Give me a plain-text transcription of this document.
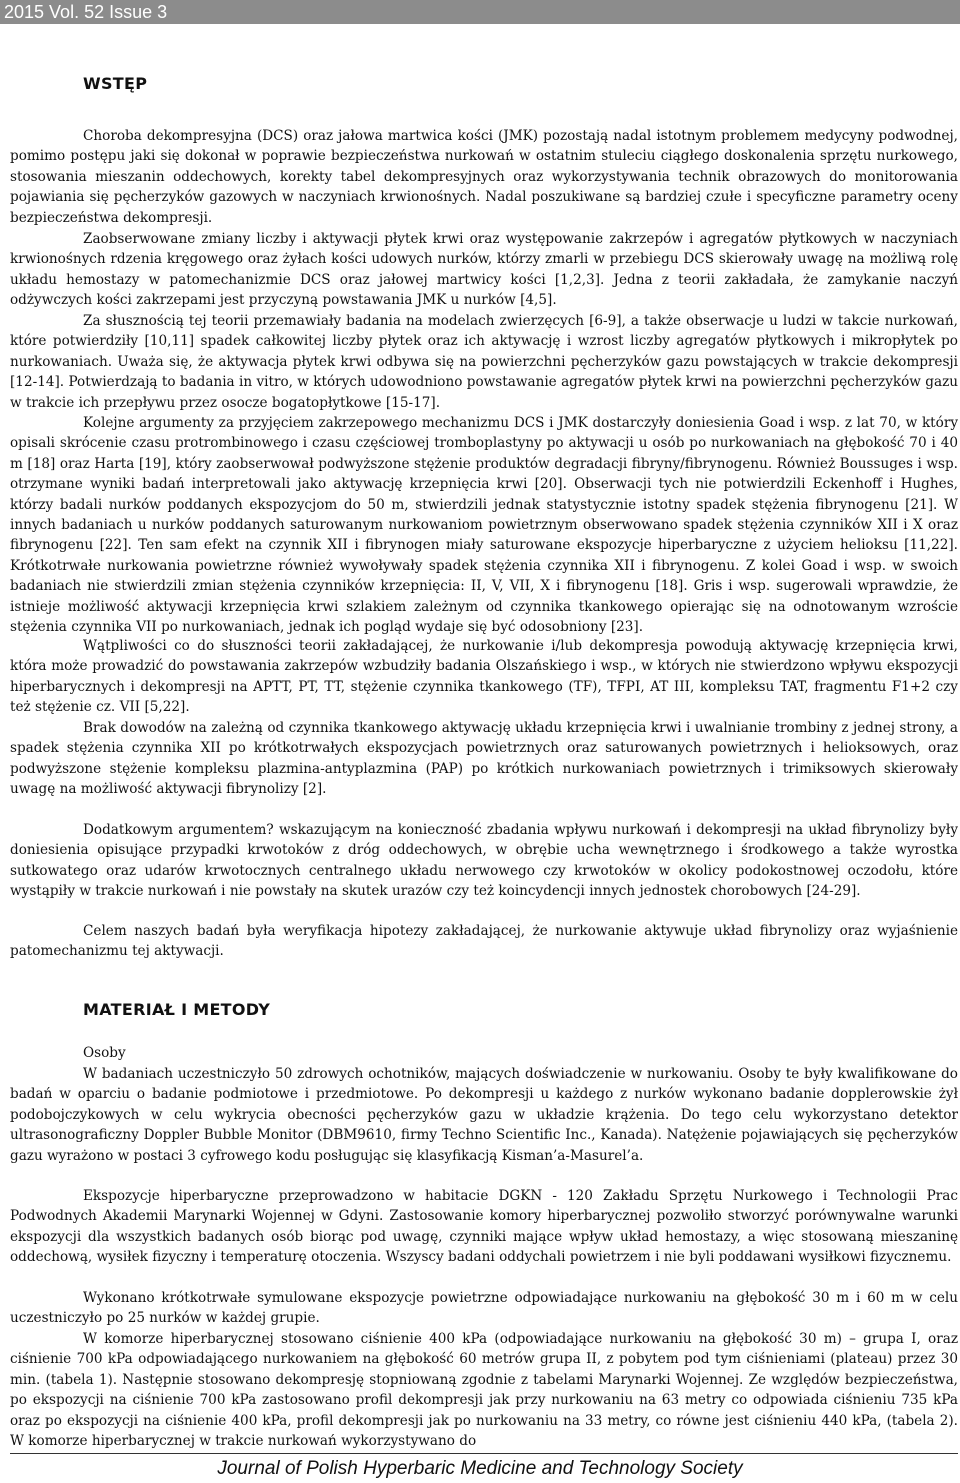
2015 Vol. 52 Issue 3
WSTĘP

Choroba dekompresyjna (DCS) oraz jałowa martwica kości (JMK) pozostają nadal istotnym problemem medycyny podwodnej, pomimo postępu jaki się dokonał w poprawie bezpieczeństwa nurkowań w ostatnim stuleciu ciągłego doskonalenia sprzętu nurkowego, stosowania mieszanin oddechowych, korekty tabel dekompresyjnych oraz wykorzystywania technik obrazowych do monitorowania pojawiania się pęcherzyków gazowych w naczyniach krwionośnych. Nadal poszukiwane są bardziej czułe i specyficzne parametry oceny bezpieczeństwa dekompresji.

Zaobserwowane zmiany liczby i aktywacji płytek krwi oraz występowanie zakrzepów i agregatów płytkowych w naczyniach krwionośnych rdzenia kręgowego oraz żyłach kości udowych nurków, którzy zmarli w przebiegu DCS skierowały uwagę na możliwą rolę układu hemostazy w patomechanizmie DCS oraz jałowej martwicy kości [1,2,3]. Jedna z teorii zakładała, że zamykanie naczyń odżywczych kości zakrzepami jest przyczyną powstawania JMK u nurków [4,5].

Za słusznością tej teorii przemawiały badania na modelach zwierzęcych [6-9], a także obserwacje u ludzi w takcie nurkowań, które potwierdziły [10,11] spadek całkowitej liczby płytek oraz ich aktywację i wzrost liczby agregatów płytkowych i mikropłytek po nurkowaniach. Uważa się, że aktywacja płytek krwi odbywa się na powierzchni pęcherzyków gazu powstających w trakcie dekompresji [12-14]. Potwierdzają to badania in vitro, w których udowodniono powstawanie agregatów płytek krwi na powierzchni pęcherzyków gazu w trakcie ich przepływu przez osocze bogatopłytkowe [15-17].

Kolejne argumenty za przyjęciem zakrzepowego mechanizmu DCS i JMK dostarczyły doniesienia Goad i wsp. z lat 70, w który opisali skrócenie czasu protrombinowego i czasu częściowej tromboplastyny po aktywacji u osób po nurkowaniach na głębokość 70 i 40 m [18] oraz Harta [19], który zaobserwował podwyższone stężenie produktów degradacji fibryny/fibrynogenu. Również Boussuges i wsp. otrzymane wyniki badań interpretowali jako aktywację krzepnięcia krwi [20]. Obserwacji tych nie potwierdzili Eckenhoff i Hughes, którzy badali nurków poddanych ekspozycjom do 50 m, stwierdzili jednak statystycznie istotny spadek stężenia fibrynogenu [21]. W innych badaniach u nurków poddanych saturowanym nurkowaniom powietrznym obserwowano spadek stężenia czynników XII i X oraz fibrynogenu [22]. Ten sam efekt na czynnik XII i fibrynogen miały saturowane ekspozycje hiperbaryczne z użyciem helioksu [11,22]. Krótkotrwałe nurkowania powietrzne również wywoływały spadek stężenia czynnika XII i fibrynogenu. Z kolei Goad i wsp. w swoich badaniach nie stwierdzili zmian stężenia czynników krzepnięcia: II, V, VII, X i fibrynogenu [18]. Gris i wsp. sugerowali wprawdzie, że istnieje możliwość aktywacji krzepnięcia krwi szlakiem zależnym od czynnika tkankowego opierając się na odnotowanym wzroście stężenia czynnika VII po nurkowaniach, jednak ich pogląd wydaje się być odosobniony [23].

Wątpliwości co do słuszności teorii zakładającej, że nurkowanie i/lub dekompresja powodują aktywację krzepnięcia krwi, która może prowadzić do powstawania zakrzepów wzbudziły badania Olszańskiego i wsp., w których nie stwierdzono wpływu ekspozycji hiperbarycznych i dekompresji na APTT, PT, TT, stężenie czynnika tkankowego (TF), TFPI, AT III, kompleksu TAT, fragmentu F1+2 czy też stężenie cz. VII [5,22].

Brak dowodów na zależną od czynnika tkankowego aktywację układu krzepnięcia krwi i uwalnianie trombiny z jednej strony, a spadek stężenia czynnika XII po krótkotrwałych ekspozycjach powietrznych oraz saturowanych powietrznych i helioksowych, oraz podwyższone stężenie kompleksu plazmina-antyplazmina (PAP) po krótkich nurkowaniach powietrznych i trimiksowych skierowały uwagę na możliwość aktywacji fibrynolizy [2].

Dodatkowym argumentem? wskazującym na konieczność zbadania wpływu nurkowań i dekompresji na układ fibrynolizy były doniesienia opisujące przypadki krwotoków z dróg oddechowych, w obrębie ucha wewnętrznego i środkowego a także wyrostka sutkowatego oraz udarów krwotocznych centralnego układu nerwowego czy krwotoków w okolicy podokostnowej oczodołu, które wystąpiły w trakcie nurkowań i nie powstały na skutek urazów czy też koincydencji innych jednostek chorobowych [24-29].

Celem naszych badań była weryfikacja hipotezy zakładającej, że nurkowanie aktywuje układ fibrynolizy oraz wyjaśnienie patomechanizmu tej aktywacji.

MATERIAŁ I METODY

Osoby

W badaniach uczestniczyło 50 zdrowych ochotników, mających doświadczenie w nurkowaniu. Osoby te były kwalifikowane do badań w oparciu o badanie podmiotowe i przedmiotowe. Po dekompresji u każdego z nurków wykonano badanie dopplerowskie żył podobojczykowych w celu wykrycia obecności pęcherzyków gazu w układzie krążenia. Do tego celu wykorzystano detektor ultrasonograficzny Doppler Bubble Monitor (DBM9610, firmy Techno Scientific Inc., Kanada). Natężenie pojawiających się pęcherzyków gazu wyrażono w postaci 3 cyfrowego kodu posługując się klasyfikacją Kisman’a-Masurel’a.

Ekspozycje hiperbaryczne przeprowadzono w habitacie DGKN - 120 Zakładu Sprzętu Nurkowego i Technologii Prac Podwodnych Akademii Marynarki Wojennej w Gdyni. Zastosowanie komory hiperbarycznej pozwoliło stworzyć porównywalne warunki ekspozycji dla wszystkich badanych osób biorąc pod uwagę, czynniki mające wpływ układ hemostazy, a więc stosowaną mieszaninę oddechową, wysiłek fizyczny i temperaturę otoczenia. Wszyscy badani oddychali powietrzem i nie byli poddawani wysiłkowi fizycznemu.

Wykonano krótkotrwałe symulowane ekspozycje powietrzne odpowiadające nurkowaniu na głębokość 30 m i 60 m w celu uczestniczyło po 25 nurków w każdej grupie.

W komorze hiperbarycznej stosowano ciśnienie 400 kPa (odpowiadające nurkowaniu na głębokość 30 m) – grupa I, oraz ciśnienie 700 kPa odpowiadającego nurkowaniem na głębokość 60 metrów grupa II, z pobytem pod tym ciśnieniami (plateau) przez 30 min. (tabela 1). Następnie stosowano dekompresję stopniowaną zgodnie z tabelami Marynarki Wojennej. Ze względów bezpieczeństwa, po ekspozycji na ciśnienie 700 kPa zastosowano profil dekompresji jak przy nurkowaniu na 63 metry co odpowiada ciśnieniu 735 kPa oraz po ekspozycji na ciśnienie 400 kPa, profil dekompresji jak po nurkowaniu na 33 metry, co równe jest ciśnieniu 440 kPa, (tabela 2). W komorze hiperbarycznej w trakcie nurkowań wykorzystywano do

Journal of Polish Hyperbaric Medicine and Technology Society
